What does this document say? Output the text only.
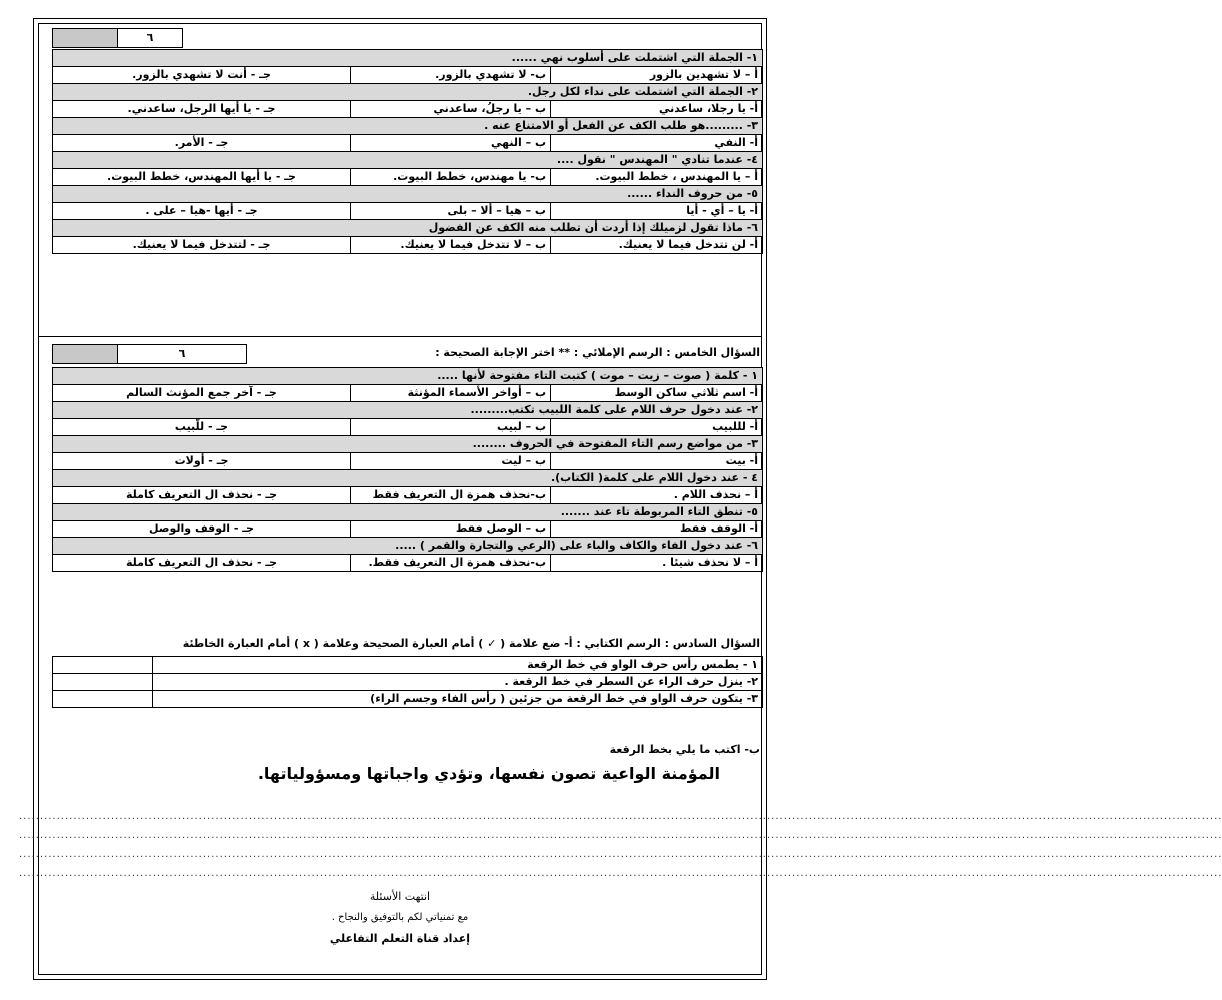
	٦
١- الجملة التي اشتملت على أسلوب نهي ......		
أ – لا تشهدين بالزور	ب- لا تشهدي بالزور.	جـ - أنت لا تشهدي بالزور.
٢- الجملة التي اشتملت على نداء لكل رجل.		
أ- يا رجلا، ساعدني	ب – يا رجلُ، ساعدني	جـ - يا أيها الرجل، ساعدني.
٣- .........هو طلب الكف عن الفعل أو الامتناع عنه .		
أ- النفي	ب – النهي	جـ - الأمر.
٤- عندما تنادي " المهندس " نقول ....		
أ – يا المهندس ، خطط البيوت.	ب- يا مهندس، خطط البيوت.	جـ - يا أيها المهندس، خطط البيوت.
٥- من حروف النداء ......		
أ- يا – أي - أيا	ب – هيا – ألا – بلى	جـ - أيها -هيا – على .
٦- ماذا تقول لزميلك إذا أردت أن تطلب منه الكف عن الفضول		
أ- لن تتدخل فيما لا يعنيك.	ب – لا تتدخل فيما لا يعنيك.	جـ - لتتدخل فيما لا يعنيك.
السؤال الخامس : الرسم الإملائي : ** اختر الإجابة الصحيحة :
	٦
١ - كلمة ( صوت – زيت – موت ) كتبت التاء مفتوحة لأنها .....		
أ- اسم ثلاثي ساكن الوسط	ب – أواخر الأسماء المؤنثة	جـ - آخر جمع المؤنث السالم
٢- عند دخول حرف اللام على كلمة اللبيب تكتب.........		
أ- لللبيب	ب – لبيب	جـ - للّبيب
٣- من مواضع رسم التاء المفتوحة في الحروف ........		
أ- بيت	ب – ليت	جـ - أولات
٤ - عند دخول اللام على كلمة( الكتاب).		
أ – نحذف اللام .	ب-نحذف همزة ال التعريف فقط	جـ - نحذف ال التعريف كاملة
٥- تنطق التاء المربوطة تاء عند .......		
أ- الوقف فقط	ب – الوصل فقط	جـ - الوقف والوصل
٦- عند دخول الفاء والكاف والباء على (الرعي والتجارة والقمر ) .....		
أ – لا نحذف شيئا .	ب-نحذف همزة ال التعريف فقط.	جـ - نحذف ال التعريف كاملة
السؤال السادس : الرسم الكتابي : أ- ضع علامة ( ✓ ) أمام العبارة الصحيحة وعلامة ( x ) أمام العبارة الخاطئة
١ - يطمس رأس حرف الواو في خط الرقعة	
٢- ينزل حرف الراء عن السطر في خط الرقعة .	
٣- يتكون حرف الواو في خط الرقعة من جزئين ( رأس الفاء وجسم الراء)	
ب- اكتب ما يلي بخط الرقعة
المؤمنة الواعية تصون نفسها، وتؤدي واجباتها ومسؤولياتها.
................................................................................................................................................................................................................................................................................................
................................................................................................................................................................................................................................................................................................
................................................................................................................................................................................................................................................................................................
................................................................................................................................................................................................................................................................................................
انتهت الأسئلة
مع تمنياتي لكم بالتوفيق والنجاح .
إعداد قناة التعلم التفاعلي
